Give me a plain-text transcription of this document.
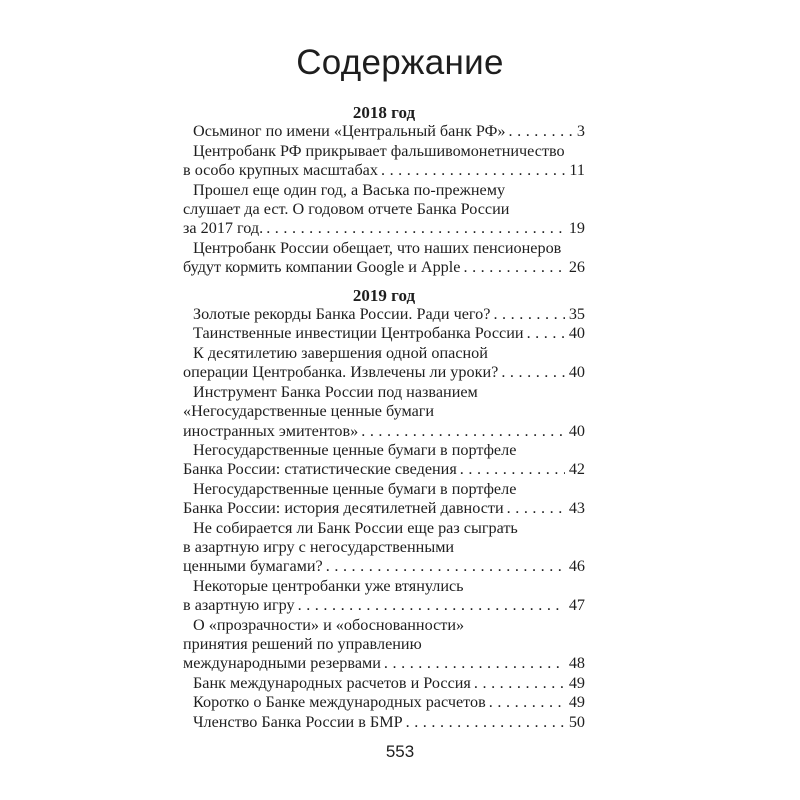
Содержание
2018 год
Осьминог по имени «Центральный банк РФ» . . .	3
Центробанк РФ прикрывает фальшивомонетничество
в особо крупных масштабах . . .	11
Прошел еще один год, а Васька по-прежнему
слушает да ест. О годовом отчете Банка России
за 2017 год. . . .	19
Центробанк России обещает, что наших пенсионеров
будут кормить компании Google и Apple . . .	26
2019 год
Золотые рекорды Банка России. Ради чего? . . .	35
Таинственные инвестиции Центробанка России . . .	40
К десятилетию завершения одной опасной
операции Центробанка. Извлечены ли уроки? . . .	40
Инструмент Банка России под названием
«Негосударственные ценные бумаги
иностранных эмитентов» . . .	40
Негосударственные ценные бумаги в портфеле
Банка России: статистические сведения . . .	42
Негосударственные ценные бумаги в портфеле
Банка России: история десятилетней давности . . .	43
Не собирается ли Банк России еще раз сыграть
в азартную игру с негосударственными
ценными бумагами? . . .	46
Некоторые центробанки уже втянулись
в азартную игру . . .	47
О «прозрачности» и «обоснованности»
принятия решений по управлению
международными резервами . . .	48
Банк международных расчетов и Россия . . .	49
Коротко о Банке международных расчетов . . .	49
Членство Банка России в БМР . . .	50
553
